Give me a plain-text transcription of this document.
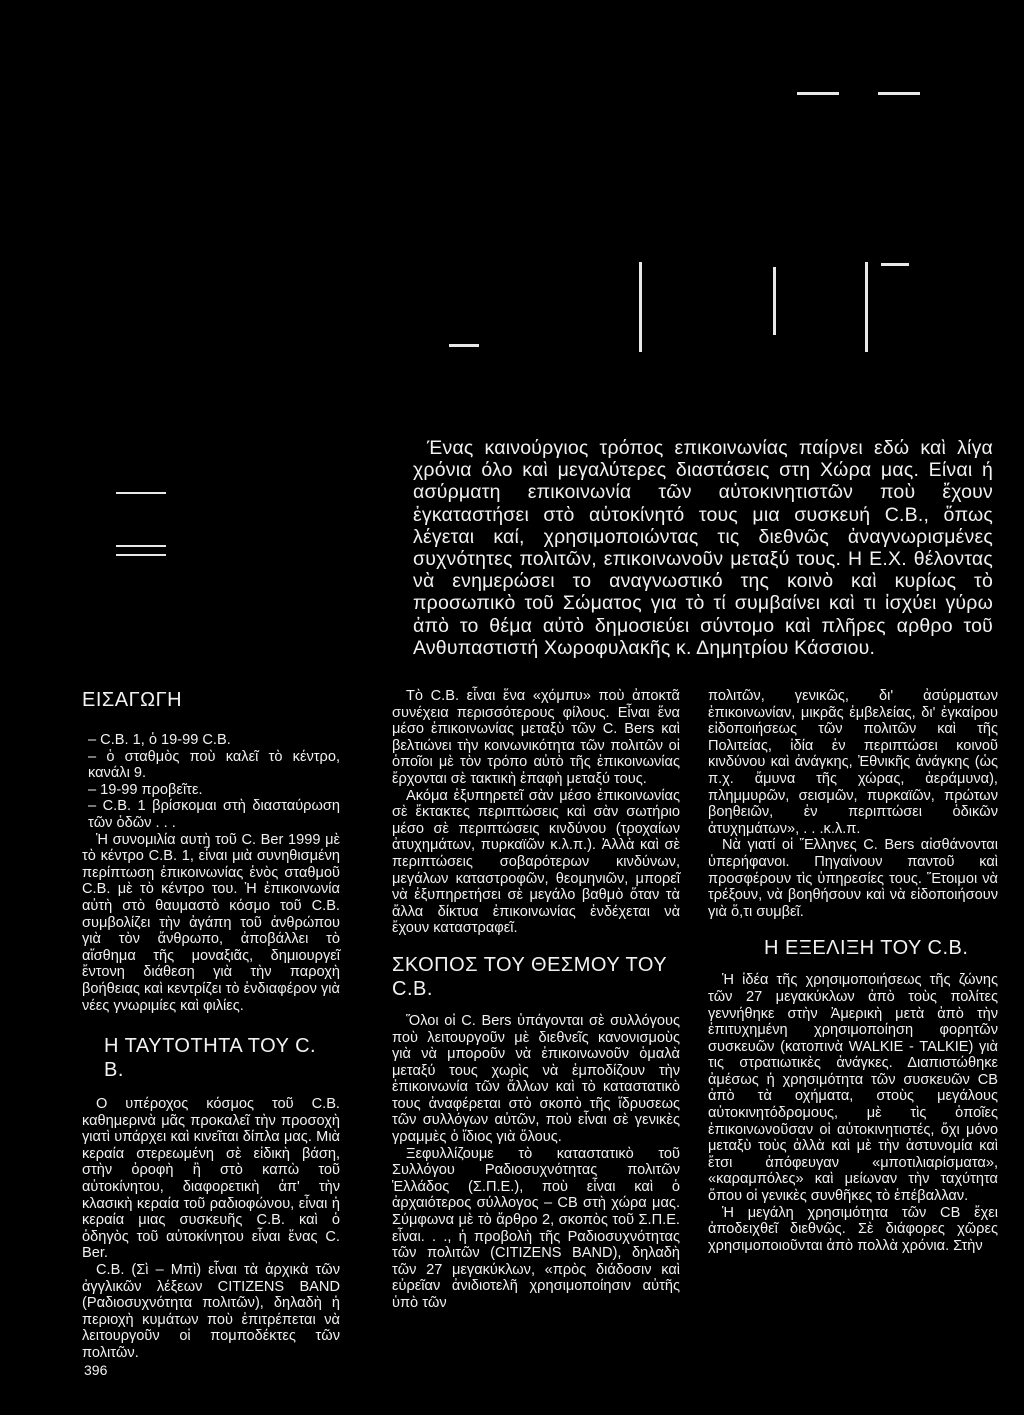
Ένας καινούργιος τρόπος επικοινωνίας παίρνει εδώ καὶ λίγα χρόνια όλο καὶ μεγαλύτερες διαστάσεις στη Χώρα μας. Είναι ή ασύρματη επικοινωνία τῶν αὐτοκινητιστῶν ποὺ ἔχουν ἐγκαταστήσει στὸ αὐτοκίνητό τους μια συσκευή C.B., ὅπως λέγεται καί, χρησιμοποιώντας τις διεθνῶς ἀναγνωρισμένες συχνότητες πολιτῶν, επικοινωνοῦν μεταξύ τους. Η Ε.Χ. θέλοντας νὰ ενημερώσει το αναγνωστικό της κοινὸ καὶ κυρίως τὸ προσωπικὸ τοῦ Σώματος για τὸ τί συμβαίνει καὶ τι ἰσχύει γύρω ἀπὸ το θέμα αὐτὸ δημοσιεύει σύντομο καὶ πλῆρες αρθρο τοῦ Ανθυπαστιστή Χωροφυλακῆς κ. Δημητρίου Κάσσιου.

ΕΙΣΑΓΩΓΗ

– C.B. 1, ὁ 19-99 C.B.

– ὁ σταθμὸς ποὺ καλεῖ τὸ κέντρο, κανάλι 9.

– 19-99 προβεῖτε.

– C.B. 1 βρίσκομαι στὴ διασταύρωση τῶν ὁδῶν . . .

Ἡ συνομιλία αυτὴ τοῦ C. Ber 1999 μὲ τὸ κέντρο C.B. 1, εἶναι μιὰ συνηθισμένη περίπτωση ἐπικοινωνίας ἑνὸς σταθμοῦ C.B. μὲ τὸ κέντρο του. Ἡ ἐπικοινωνία αὐτὴ στὸ θαυμαστὸ κόσμο τοῦ C.B. συμβολίζει τὴν ἀγάπη τοῦ ἀνθρώπου γιὰ τὸν ἄνθρωπο, ἀποβάλλει τὸ αἴσθημα τῆς μοναξιᾶς, δημιουργεῖ ἔντονη διάθεση γιὰ τὴν παροχὴ βοήθειας καὶ κεντρίζει τὸ ἐνδιαφέρον γιὰ νέες γνωριμίες καὶ φιλίες.

Η ΤΑΥΤΟΤΗΤΑ ΤΟΥ C. B.

Ο υπέροχος κόσμος τοῦ C.B. καθημερινὰ μᾶς προκαλεῖ τὴν προσοχὴ γιατὶ υπάρχει καὶ κινεῖται δίπλα μας. Μιὰ κεραία στερεωμένη σὲ εἰδικὴ βάση, στὴν ὀροφὴ ἢ στὸ καπὼ τοῦ αὐτοκίνητου, διαφορετικὴ ἀπ' τὴν κλασικὴ κεραία τοῦ ραδιοφώνου, εἶναι ἡ κεραία μιας συσκευῆς C.B. καὶ ὁ ὁδηγὸς τοῦ αὐτοκίνητου εἶναι ἕνας C. Ber.

C.B. (Σὶ – Μπὶ) εἶναι τὰ ἀρχικὰ τῶν ἀγγλικῶν λέξεων CITIZENS BAND (Ραδιοσυχνότητα πολιτῶν), δηλαδὴ ἡ περιοχὴ κυμάτων ποὺ ἐπιτρέπεται νὰ λειτουργοῦν οἱ πομποδέκτες τῶν πολιτῶν.

Τὸ C.B. εἶναι ἕνα «χόμπυ» ποὺ ἀποκτᾶ συνέχεια περισσότερους φίλους. Εἶναι ἕνα μέσο ἐπικοινωνίας μεταξὺ τῶν C. Bers καὶ βελτιώνει τὴν κοινωνικότητα τῶν πολιτῶν οἱ ὁποῖοι μὲ τὸν τρόπο αὐτὸ τῆς ἐπικοινωνίας ἔρχονται σὲ τακτικὴ ἐπαφὴ μεταξύ τους.

Ακόμα ἐξυπηρετεῖ σὰν μέσο ἐπικοινωνίας σὲ ἔκτακτες περιπτώσεις καὶ σὰν σωτήριο μέσο σὲ περιπτώσεις κινδύνου (τροχαίων ἀτυχημάτων, πυρκαϊῶν κ.λ.π.). Ἀλλὰ καὶ σὲ περιπτώσεις σοβαρότερων κινδύνων, μεγάλων καταστροφῶν, θεομηνιῶν, μπορεῖ νὰ ἐξυπηρετήσει σὲ μεγάλο βαθμὸ ὅταν τὰ ἄλλα δίκτυα ἐπικοινωνίας ἐνδέχεται νὰ ἔχουν καταστραφεῖ.

ΣΚΟΠΟΣ ΤΟΥ ΘΕΣΜΟΥ ΤΟΥ C.B.

Ὅλοι οἱ C. Bers ὑπάγονται σὲ συλλόγους ποὺ λειτουργοῦν μὲ διεθνεῖς κανονισμοὺς γιὰ νὰ μποροῦν νὰ ἐπικοινωνοῦν ὁμαλὰ μεταξύ τους χωρὶς νὰ ἐμποδίζουν τὴν ἐπικοινωνία τῶν ἄλλων καὶ τὸ καταστατικὸ τους ἀναφέρεται στὸ σκοπὸ τῆς ἵδρυσεως τῶν συλλόγων αὐτῶν, ποὺ εἶναι σὲ γενικὲς γραμμὲς ὁ ἴδιος γιὰ ὅλους.

Ξεφυλλίζουμε τὸ καταστατικὸ τοῦ Συλλόγου Ραδιοσυχνότητας πολιτῶν Ἑλλάδος (Σ.Π.Ε.), ποὺ εἶναι καὶ ὁ ἀρχαιότερος σύλλογος – CB στὴ χώρα μας. Σύμφωνα μὲ τὸ ἄρθρο 2, σκοπὸς τοῦ Σ.Π.Ε. εἶναι. . ., ἡ προβολὴ τῆς Ραδιοσυχνότητας τῶν πολιτῶν (CITIZENS BAND), δηλαδὴ τῶν 27 μεγακύκλων, «πρὸς διάδοσιν καὶ εὐρεῖαν ἀνιδιοτελῆ χρησιμοποίησιν αὐτῆς ὑπὸ τῶν

πολιτῶν, γενικῶς, δι' ἀσύρματων ἐπικοινωνίαν, μικρᾶς ἐμβελείας, δι' ἐγκαίρου εἰδοποιήσεως τῶν πολιτῶν καὶ τῆς Πολιτείας, ἰδία ἐν περιπτώσει κοινοῦ κινδύνου καὶ ἀνάγκης, Ἐθνικῆς ἀνάγκης (ὡς π.χ. ἄμυνα τῆς χώρας, ἀεράμυνα), πλημμυρῶν, σεισμῶν, πυρκαϊῶν, πρώτων βοηθειῶν, ἐν περιπτώσει ὁδικῶν ἀτυχημάτων», . . .κ.λ.π.

Νὰ γιατί οἱ Ἕλληνες C. Bers αἰσθάνονται ὑπερήφανοι. Πηγαίνουν παντοῦ καὶ προσφέρουν τὶς ὑπηρεσίες τους. Ἕτοιμοι νὰ τρέξουν, νὰ βοηθήσουν καὶ νὰ εἰδοποιήσουν γιὰ ὅ,τι συμβεῖ.

Η ΕΞΕΛΙΞΗ ΤΟΥ C.B.

Ἡ ἰδέα τῆς χρησιμοποιήσεως τῆς ζώνης τῶν 27 μεγακύκλων ἀπὸ τοὺς πολίτες γεννήθηκε στὴν Ἀμερικὴ μετὰ ἀπὸ τὴν ἐπιτυχημένη χρησιμοποίηση φορητῶν συσκευῶν (κατοπινὰ WALKIE - TALKIE) γιὰ τις στρατιωτικὲς ἀνάγκες. Διαπιστώθηκε ἀμέσως ἡ χρησιμότητα τῶν συσκευῶν CB ἀπὸ τὰ οχήματα, στοὺς μεγάλους αὐτοκινητόδρομους, μὲ τὶς ὁποῖες ἐπικοινωνοῦσαν οἱ αὐτοκινητιστές, ὄχι μόνο μεταξὺ τοὺς ἀλλὰ καὶ μὲ τὴν ἀστυνομία καὶ ἔτσι ἀπόφευγαν «μποτιλιαρίσματα», «καραμπόλες» καὶ μείωναν τὴν ταχύτητα ὅπου οἱ γενικὲς συνθῆκες τὸ ἐπέβαλλαν.

Ἡ μεγάλη χρησιμότητα τῶν CB ἔχει ἀποδειχθεῖ διεθνῶς. Σὲ διάφορες χῶρες χρησιμοποιοῦνται ἀπὸ πολλὰ χρόνια. Στὴν

396
